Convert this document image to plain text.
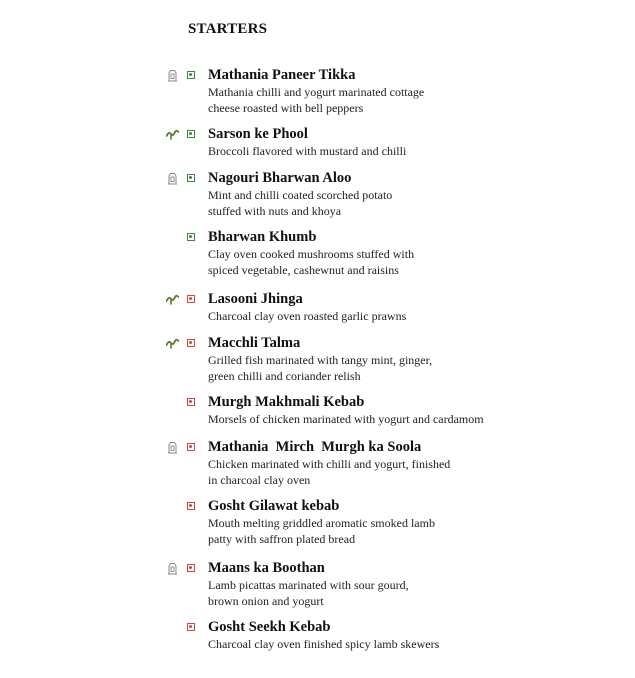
STARTERS
Mathania Paneer Tikka
Mathania chilli and yogurt marinated cottage
cheese roasted with bell peppers
Sarson ke Phool
Broccoli flavored with mustard and chilli
Nagouri Bharwan Aloo
Mint and chilli coated scorched potato
stuffed with nuts and khoya
Bharwan Khumb
Clay oven cooked mushrooms stuffed with
spiced vegetable, cashewnut and raisins
Lasooni Jhinga
Charcoal clay oven roasted garlic prawns
Macchli Talma
Grilled fish marinated with tangy mint, ginger,
green chilli and coriander relish
Murgh Makhmali Kebab
Morsels of chicken marinated with yogurt and cardamom
Mathania  Mirch  Murgh ka Soola
Chicken marinated with chilli and yogurt, finished
in charcoal clay oven
Gosht Gilawat kebab
Mouth melting griddled aromatic smoked lamb
patty with saffron plated bread
Maans ka Boothan
Lamb picattas marinated with sour gourd,
brown onion and yogurt
Gosht Seekh Kebab
Charcoal clay oven finished spicy lamb skewers
